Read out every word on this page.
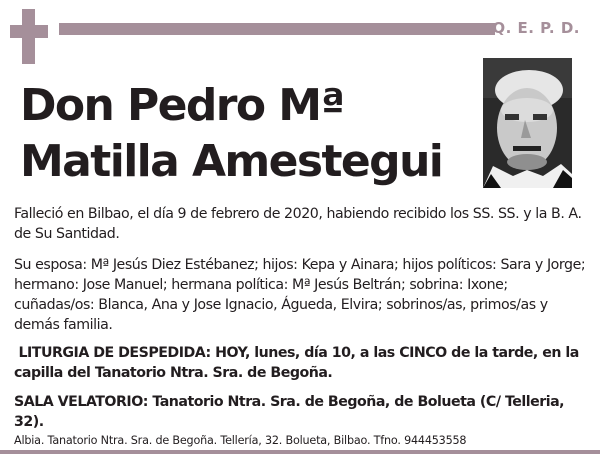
Q. E. P. D.
Don Pedro Mª
Matilla Amestegui
Falleció en Bilbao, el día 9 de febrero de 2020, habiendo recibido los SS. SS. y la B. A. de Su Santidad.
Su esposa: Mª Jesús Diez Estébanez; hijos: Kepa y Ainara; hijos políticos: Sara y Jorge; hermano: Jose Manuel; hermana política: Mª Jesús Beltrán; sobrina: Ixone; cuñadas/os: Blanca, Ana y Jose Ignacio, Águeda, Elvira; sobrinos/as, primos/as y demás familia.
LITURGIA DE DESPEDIDA: HOY, lunes, día 10, a las CINCO de la tarde, en la capilla del Tanatorio Ntra. Sra. de Begoña.
SALA VELATORIO: Tanatorio Ntra. Sra. de Begoña, de Bolueta (C/ Telleria, 32).
Albia. Tanatorio Ntra. Sra. de Begoña. Tellería, 32. Bolueta, Bilbao. Tfno. 944453558
